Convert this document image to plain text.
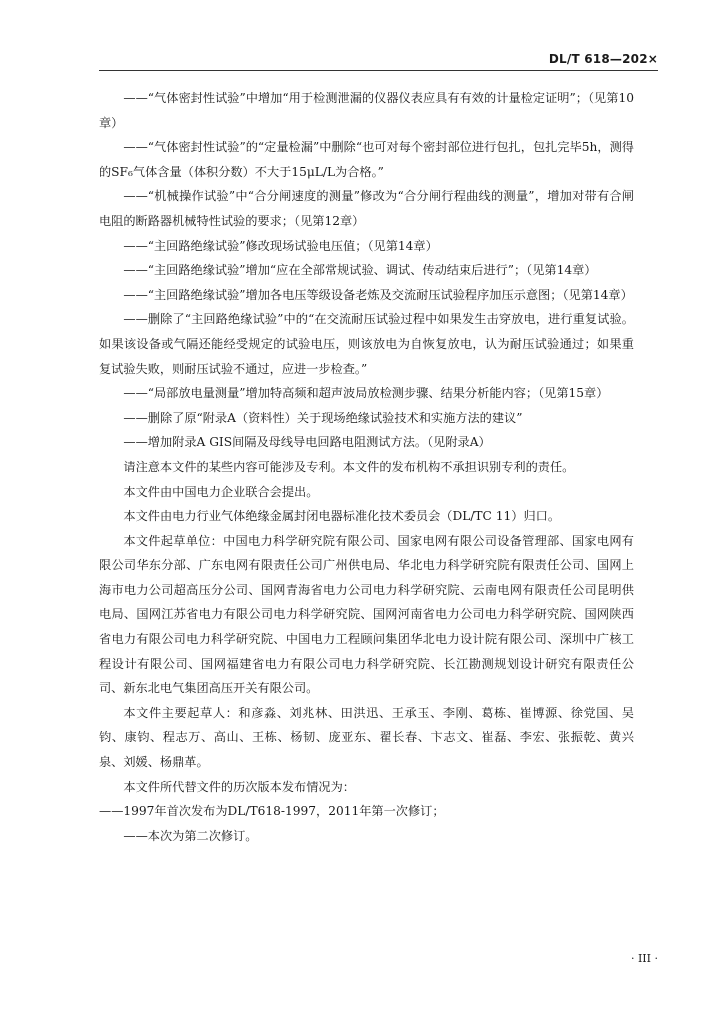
DL/T 618—202×

——“气体密封性试验”中增加“用于检测泄漏的仪器仪表应具有有效的计量检定证明”；（见第10章）

——“气体密封性试验”的“定量检漏”中删除“也可对每个密封部位进行包扎，包扎完毕5h，测得的SF₆气体含量（体积分数）不大于15μL/L为合格。”

——“机械操作试验”中“合分闸速度的测量”修改为“合分闸行程曲线的测量”，增加对带有合闸电阻的断路器机械特性试验的要求；（见第12章）

——“主回路绝缘试验”修改现场试验电压值；（见第14章）

——“主回路绝缘试验”增加“应在全部常规试验、调试、传动结束后进行”；（见第14章）

——“主回路绝缘试验”增加各电压等级设备老炼及交流耐压试验程序加压示意图；（见第14章）

——删除了“主回路绝缘试验”中的“在交流耐压试验过程中如果发生击穿放电，进行重复试验。如果该设备或气隔还能经受规定的试验电压，则该放电为自恢复放电，认为耐压试验通过；如果重复试验失败，则耐压试验不通过，应进一步检查。”

——“局部放电量测量”增加特高频和超声波局放检测步骤、结果分析能内容；（见第15章）

——删除了原“附录A（资料性）关于现场绝缘试验技术和实施方法的建议”

——增加附录A GIS间隔及母线导电回路电阻测试方法。（见附录A）

请注意本文件的某些内容可能涉及专利。本文件的发布机构不承担识别专利的责任。

本文件由中国电力企业联合会提出。

本文件由电力行业气体绝缘金属封闭电器标准化技术委员会（DL/TC 11）归口。

本文件起草单位：中国电力科学研究院有限公司、国家电网有限公司设备管理部、国家电网有限公司华东分部、广东电网有限责任公司广州供电局、华北电力科学研究院有限责任公司、国网上海市电力公司超高压分公司、国网青海省电力公司电力科学研究院、云南电网有限责任公司昆明供电局、国网江苏省电力有限公司电力科学研究院、国网河南省电力公司电力科学研究院、国网陕西省电力有限公司电力科学研究院、中国电力工程顾问集团华北电力设计院有限公司、深圳中广核工程设计有限公司、国网福建省电力有限公司电力科学研究院、长江勘测规划设计研究有限责任公司、新东北电气集团高压开关有限公司。

本文件主要起草人：和彦淼、刘兆林、田洪迅、王承玉、李刚、葛栋、崔博源、徐党国、吴钧、康钧、程志万、高山、王栋、杨韧、庞亚东、翟长春、卞志文、崔磊、李宏、张振乾、黄兴泉、刘媛、杨鼎革。

本文件所代替文件的历次版本发布情况为：

——1997年首次发布为DL/T618-1997，2011年第一次修订；

——本次为第二次修订。

· III ·
